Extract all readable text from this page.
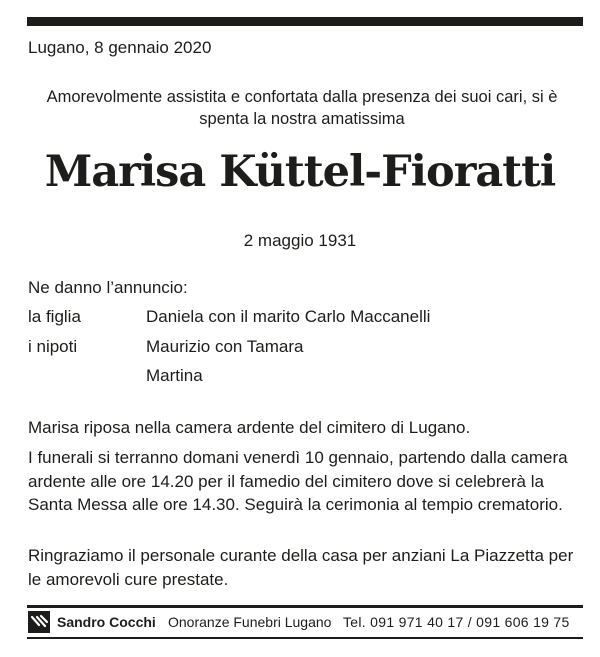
Lugano, 8 gennaio 2020
Amorevolmente assistita e confortata dalla presenza dei suoi cari, si è
spenta la nostra amatissima
Marisa Küttel-Fioratti
2 maggio 1931
Ne danno l’annuncio:
la figlia	Daniela con il marito Carlo Maccanelli
i nipoti	Maurizio con Tamara
Martina
Marisa riposa nella camera ardente del cimitero di Lugano.
I funerali si terranno domani venerdì 10 gennaio, partendo dalla camera ardente alle ore 14.20 per il famedio del cimitero dove si celebrerà la Santa Messa alle ore 14.30. Seguirà la cerimonia al tempio crematorio.
Ringraziamo il personale curante della casa per anziani La Piazzetta per le amorevoli cure prestate.
Sandro Cocchi Onoranze Funebri Lugano Tel. 091 971 40 17 / 091 606 19 75
